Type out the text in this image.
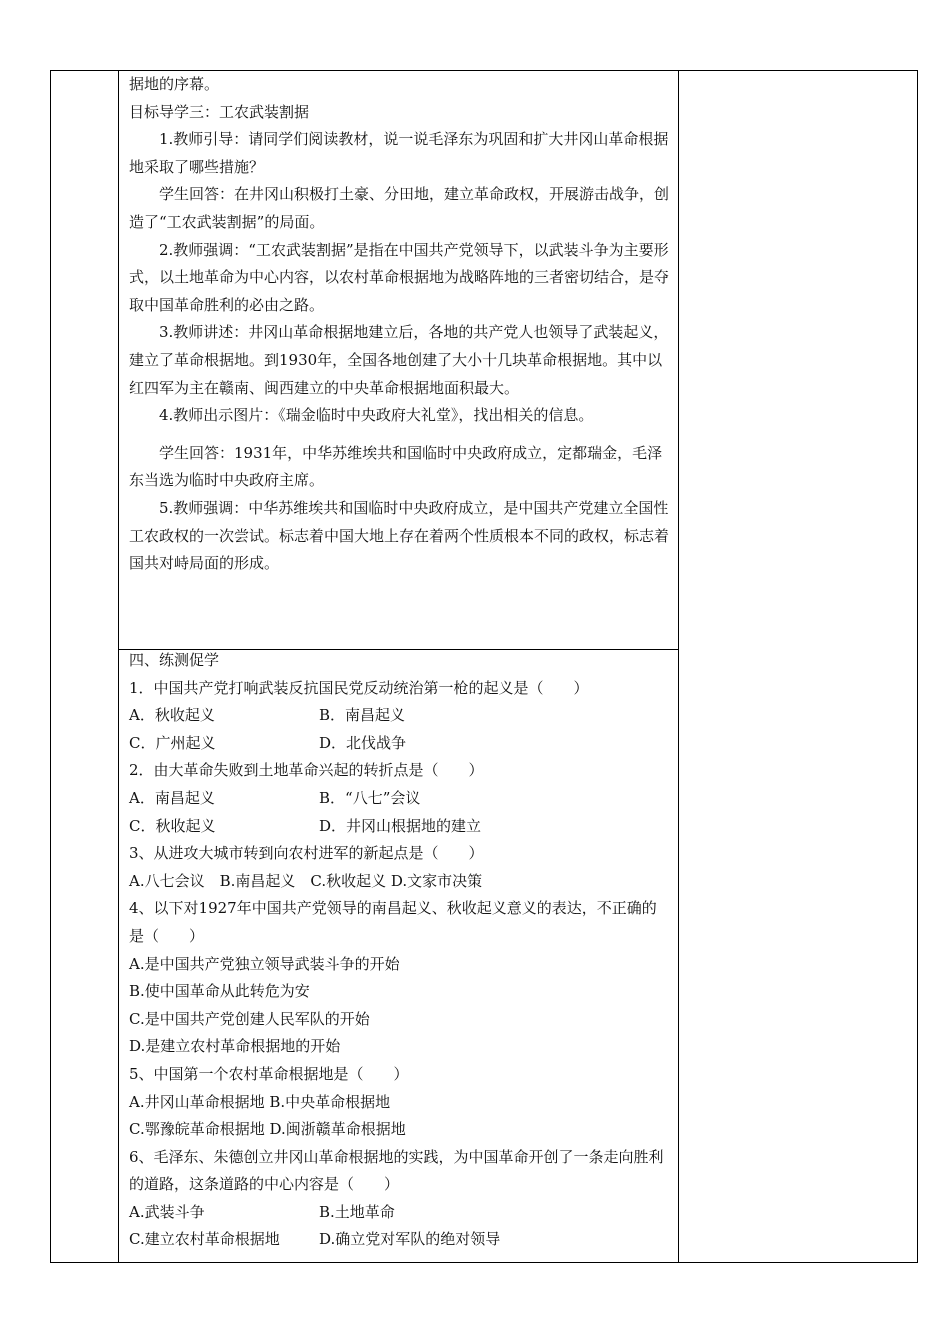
据地的序幕。

目标导学三：工农武装割据

1.教师引导：请同学们阅读教材，说一说毛泽东为巩固和扩大井冈山革命根据地采取了哪些措施？

学生回答：在井冈山积极打土豪、分田地，建立革命政权，开展游击战争，创造了“工农武装割据”的局面。

2.教师强调：“工农武装割据”是指在中国共产党领导下，以武装斗争为主要形式，以土地革命为中心内容，以农村革命根据地为战略阵地的三者密切结合，是夺取中国革命胜利的必由之路。

3.教师讲述：井冈山革命根据地建立后，各地的共产党人也领导了武装起义，建立了革命根据地。到1930年，全国各地创建了大小十几块革命根据地。其中以红四军为主在赣南、闽西建立的中央革命根据地面积最大。

4.教师出示图片：《瑞金临时中央政府大礼堂》，找出相关的信息。

学生回答：1931年，中华苏维埃共和国临时中央政府成立，定都瑞金，毛泽东当选为临时中央政府主席。

5.教师强调：中华苏维埃共和国临时中央政府成立，是中国共产党建立全国性工农政权的一次尝试。标志着中国大地上存在着两个性质根本不同的政权，标志着国共对峙局面的形成。

四、练测促学

1．中国共产党打响武装反抗国民党反动统治第一枪的起义是（　　）

A．秋收起义	B．南昌起义
C．广州起义	D．北伐战争

2．由大革命失败到土地革命兴起的转折点是（　　）

A．南昌起义	B．“八七”会议
C．秋收起义	D．井冈山根据地的建立

3、从进攻大城市转到向农村进军的新起点是（　　）

A.八七会议　B.南昌起义　C.秋收起义 D.文家市决策

4、以下对1927年中国共产党领导的南昌起义、秋收起义意义的表达，不正确的是（　　）

A.是中国共产党独立领导武装斗争的开始

B.使中国革命从此转危为安

C.是中国共产党创建人民军队的开始

D.是建立农村革命根据地的开始

5、中国第一个农村革命根据地是（　　）

A.井冈山革命根据地 B.中央革命根据地

C.鄂豫皖革命根据地 D.闽浙赣革命根据地

6、毛泽东、朱德创立井冈山革命根据地的实践，为中国革命开创了一条走向胜利的道路，这条道路的中心内容是（　　）

A.武装斗争	B.土地革命
C.建立农村革命根据地	D.确立党对军队的绝对领导
